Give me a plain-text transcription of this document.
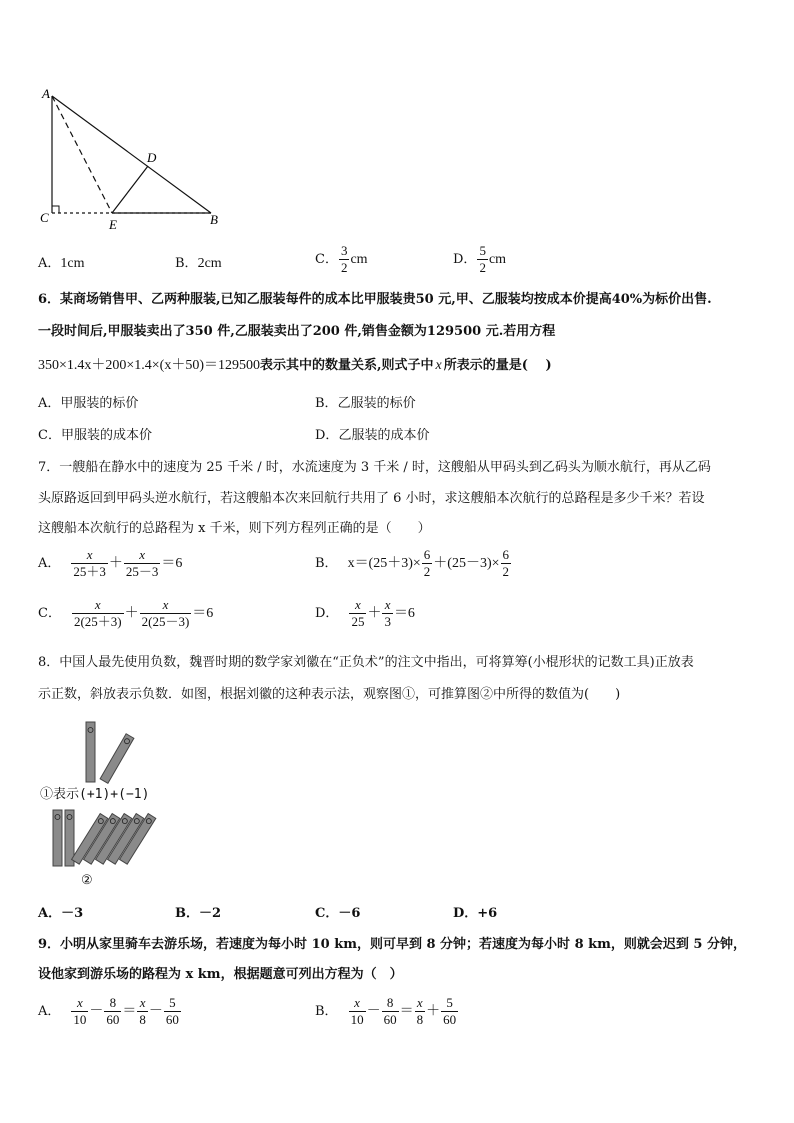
A
D
C	E	B
A． 1cm	B． 2cm	C． $\frac{3}{2}$ cm	D． $\frac{5}{2}$ cm
6．某商场销售甲、乙两种服装,已知乙服装每件的成本比甲服装贵50 元,甲、乙服装均按成本价提高40%为标价出售.
一段时间后,甲服装卖出了350 件,乙服装卖出了200 件,销售金额为129500 元.若用方程
350×1.4x＋200×1.4×(x＋50)＝129500 表示其中的数量关系,则式子中 x 所表示的量是(　 )
A．甲服装的标价	B．乙服装的标价
C．甲服装的成本价	D．乙服装的成本价
7．一艘船在静水中的速度为 25 千米 / 时，水流速度为 3 千米 / 时，这艘船从甲码头到乙码头为顺水航行，再从乙码
头原路返回到甲码头逆水航行，若这艘船本次来回航行共用了 6 小时，求这艘船本次航行的总路程是多少千米？若设
这艘船本次航行的总路程为 x 千米，则下列方程列正确的是（　　）
A． $\frac{x}{25+3} + \frac{x}{25-3} =6$	B． $x=(25+3)\times \frac{6}{2} +(25-3)\times \frac{6}{2}$
C． $\frac{x}{2(25+3)} + \frac{x}{2(25-3)} =6$	D． $\frac{x}{25} + \frac{x}{3} =6$
8．中国人最先使用负数，魏晋时期的数学家刘徽在“正负术”的注文中指出，可将算筹(小棍形状的记数工具)正放表
示正数，斜放表示负数．如图，根据刘徽的这种表示法，观察图①，可推算图②中所得的数值为(　　)
①表示(+1)+(−1)
②
A．－3	B．－2	C．－6	D．+6
9．小明从家里骑车去游乐场，若速度为每小时 10 km，则可早到 8 分钟；若速度为每小时 8 km，则就会迟到 5 分钟，
设他家到游乐场的路程为 x km，根据题意可列出方程为（　）
A． $\frac{x}{10} - \frac{8}{60} = \frac{x}{8} - \frac{5}{60}$	B． $\frac{x}{10} - \frac{8}{60} = \frac{x}{8} + \frac{5}{60}$
